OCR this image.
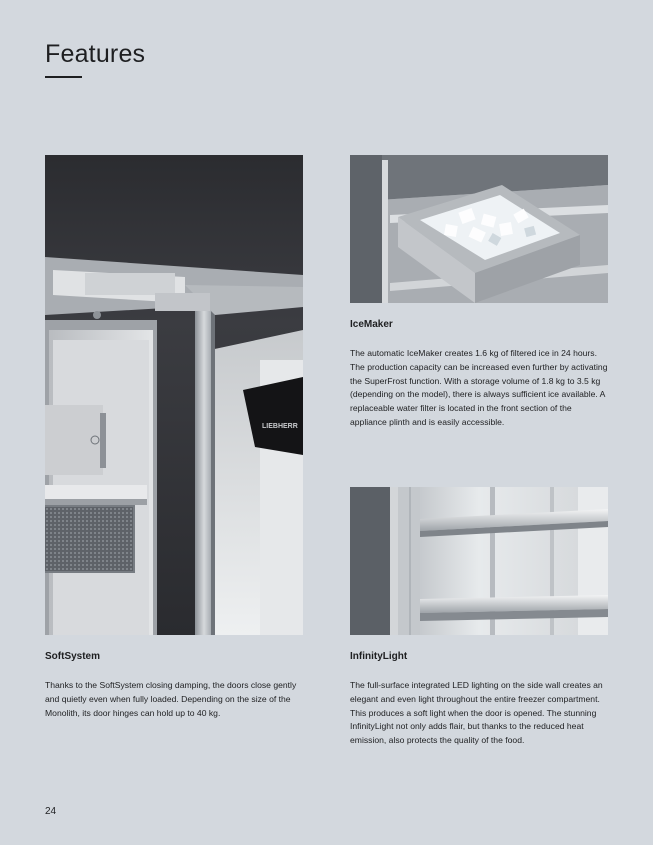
Features
LIEBHERR
IceMaker

The automatic IceMaker creates 1.6 kg of filtered ice in 24 hours. The production capacity can be increased even further by activating the SuperFrost function. With a storage volume of 1.8 kg to 3.5 kg (depending on the model), there is always sufficient ice available. A replaceable water filter is located in the front section of the appliance plinth and is easily accessible.

SoftSystem

Thanks to the SoftSystem closing damping, the doors close gently and quietly even when fully loaded. Depending on the size of the Monolith, its door hinges can hold up to 40 kg.

InfinityLight

The full-surface integrated LED lighting on the side wall creates an elegant and even light throughout the entire freezer compartment. This produces a soft light when the door is opened. The stunning InfinityLight not only adds flair, but thanks to the reduced heat emission, also protects the quality of the food.

24
